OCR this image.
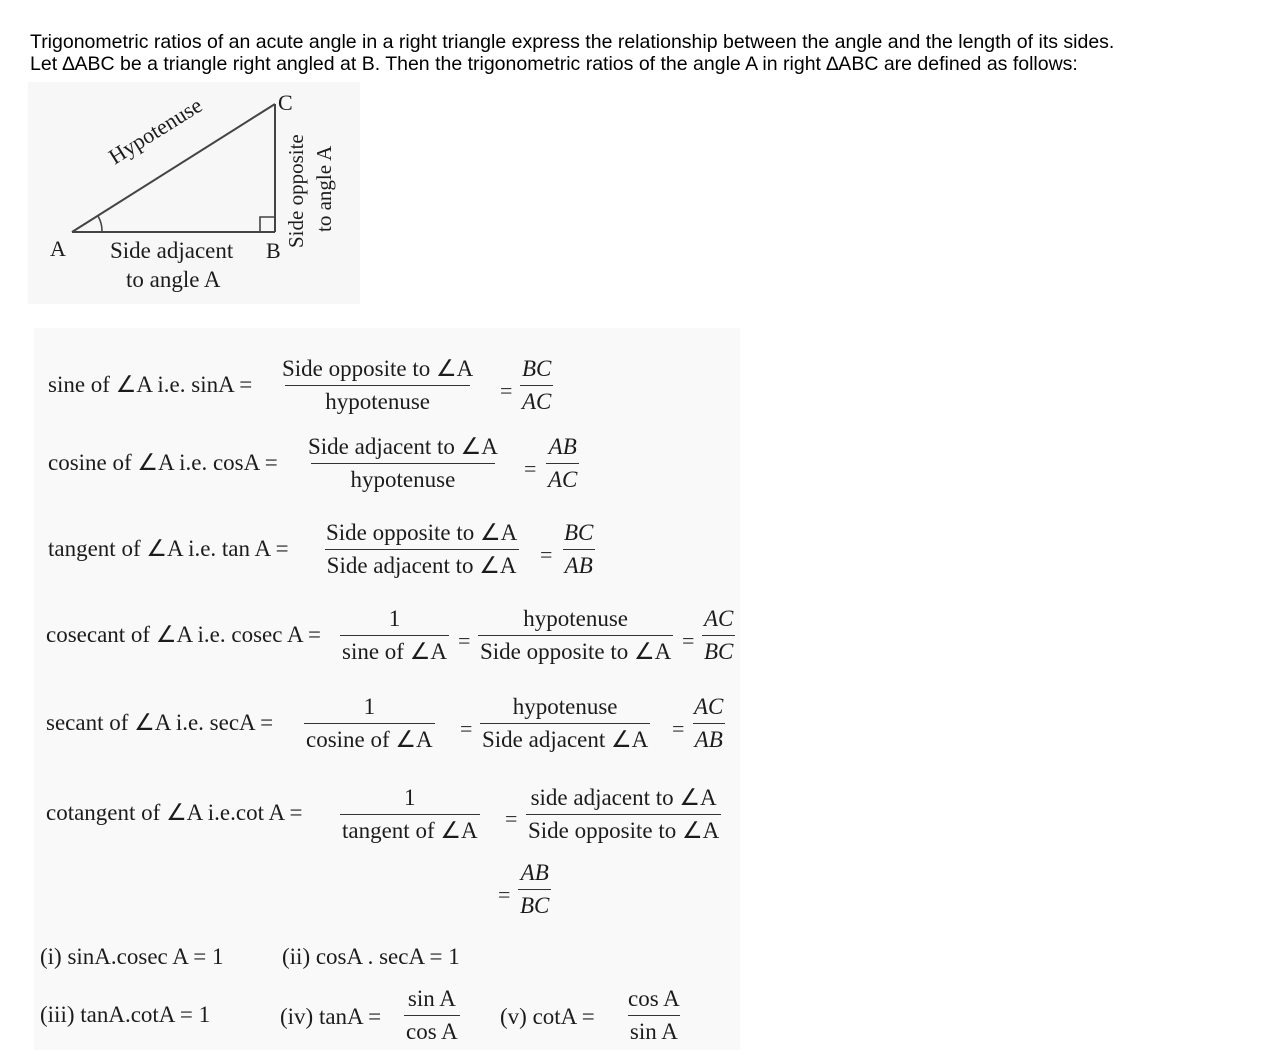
Trigonometric ratios of an acute angle in a right triangle express the relationship between the angle and the length of its sides.
Let ∆ABC be a triangle right angled at B. Then the trigonometric ratios of the angle A in right ∆ABC are defined as follows:
A	B
C
Hypotenuse
Side adjacent
to angle A
Side opposite to angle A
sine of ∠A i.e. sinA =
Side opposite to ∠A
hypotenuse	= $\frac{BC}{AC}$
cosine of ∠A i.e. cosA =
Side adjacent to ∠A
hypotenuse	= $\frac{AB}{AC}$
tangent of ∠A i.e. tan A =
Side opposite to ∠A
Side adjacent to ∠A = $\frac{BC}{AB}$
cosecant of ∠A i.e. cosec $A = \frac{1}{\text{sine of ∠A}}$ =
hypotenuse
Side opposite to ∠A = $\frac{AC}{BC}$
secant of ∠A i.e. secA =
1
cosine of ∠A =
hypotenuse
Side adjacent ∠A = $\frac{AC}{AB}$
cotangent of ∠A i.e.cot A =
1
tangent of ∠A =
side adjacent to ∠A
Side opposite to ∠A
= $\frac{AB}{BC}$
(i) sinA.cosec A = 1	(ii) cosA . secA = 1
(iii) tanA.cotA = 1	(iv) $\tan A = \frac{\text{sin A}}{\text{cos A}} (v) \cot A = \frac{\text{cos A}}{\text{sin A}}$
